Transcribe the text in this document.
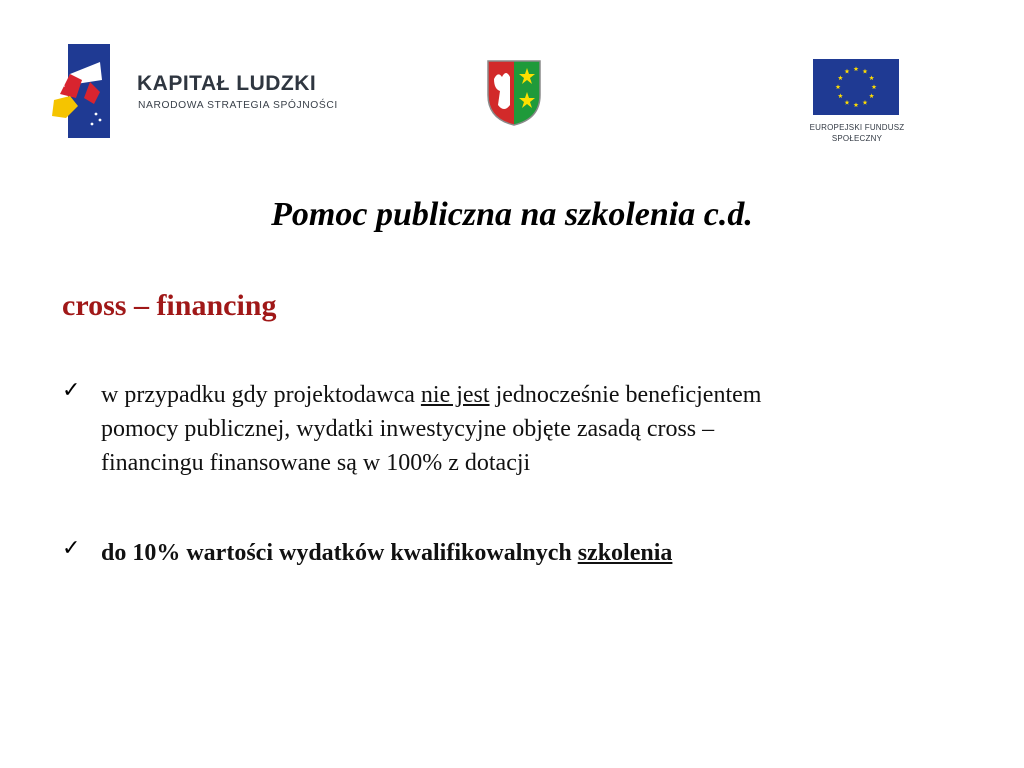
KAPITAŁ LUDZKI

NARODOWA STRATEGIA SPÓJNOŚCI

EUROPEJSKI FUNDUSZ
SPOŁECZNY
Pomoc publiczna na szkolenia c.d.
cross – financing
✓ w przypadku gdy projektodawca nie jest jednocześnie beneficjentem
pomocy publicznej, wydatki inwestycyjne objęte zasadą cross –
financingu finansowane są w 100% z dotacji
✓ do 10% wartości wydatków kwalifikowalnych szkolenia
